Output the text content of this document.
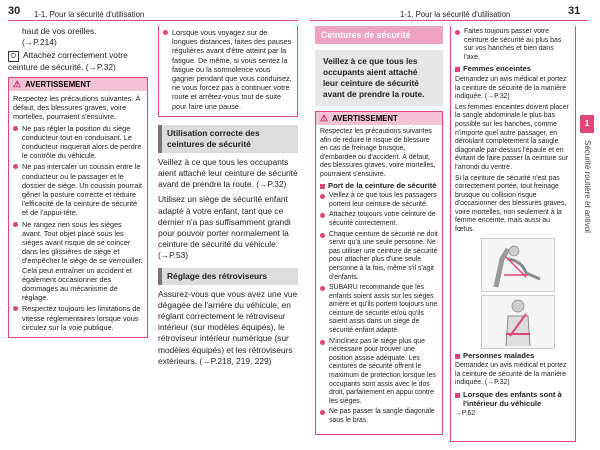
30 1-1. Pour la sécurité d'utilisation	1-1. Pour la sécurité d'utilisation	31
1
Sécurité routière et antivol

haut de vos oreilles.

(→P.214)

D Attachez correctement votre ceinture de sécurité. (→P.32)

⚠ AVERTISSEMENT

Respectez les précautions suivantes. À défaut, des blessures graves, voire mortelles, pourraient s'ensuivre.

Ne pas régler la position du siège conducteur tout en conduisant. Le conducteur risquerait alors de perdre le contrôle du véhicule.

Ne pas intercaler un coussin entre le conducteur ou le passager et le dossier de siège. Un coussin pourrait gêner la posture correcte et réduire l'efficacité de la ceinture de sécurité et de l'appui-tête.

Ne rangez rien sous les sièges avant. Tout objet placé sous les sièges avant risque de se coincer dans les glissières de siège et d'empêcher le siège de se verrouiller. Cela peut entraîner un accident et également occasionner des dommages au mécanisme de réglage.

Respectez toujours les limitations de vitesse réglementaires lorsque vous circulez sur la voie publique.

Lorsque vous voyagez sur de longues distances, faites des pauses régulières avant d'être atteint par la fatigue. De même, si vous sentez la fatigue ou la somnolence vous gagner pendant que vous conduisez, ne vous forcez pas à continuer votre route et arrêtez-vous tout de suite pour faire une pause.

Utilisation correcte des ceintures de sécurité

Veillez à ce que tous les occupants aient attaché leur ceinture de sécurité avant de prendre la route. (→P.32)

Utilisez un siège de sécurité enfant adapté à votre enfant, tant que ce dernier n'a pas suffisamment grandi pour pouvoir porter normalement la ceinture de sécurité du véhicule. (→P.53)

Réglage des rétroviseurs

Assurez-vous que vous avez une vue dégagée de l'arrière du véhicule, en réglant correctement le rétroviseur intérieur (sur modèles équipés), le rétroviseur intérieur numérique (sur modèles équipés) et les rétroviseurs extérieurs. (→P.218, 219, 229)

Ceintures de sécurité
Veillez à ce que tous les occupants aient attaché leur ceinture de sécurité avant de prendre la route.
⚠ AVERTISSEMENT

Respectez les précautions suivantes afin de réduire le risque de blessure en cas de freinage brusque, d'embardée ou d'accident. À défaut, des blessures graves, voire mortelles, pourraient s'ensuivre.

Port de la ceinture de sécurité

Veillez à ce que tous les passagers portent leur ceinture de sécurité.

Attachez toujours votre ceinture de sécurité correctement.

Chaque ceinture de sécurité ne doit servir qu'à une seule personne. Ne pas utiliser une ceinture de sécurité pour attacher plus d'une seule personne à la fois, même s'il s'agit d'enfants.

SUBARU recommande que les enfants soient assis sur les sièges arrière et qu'ils portent toujours une ceinture de sécurité et/ou qu'ils soient assis dans un siège de sécurité enfant adapté.

N'inclinez pas le siège plus que nécessaire pour trouver une position assise adéquate. Les ceintures de sécurité offrent le maximum de protection lorsque les occupants sont assis avec le dos droit, parfaitement en appui contre les sièges.

Ne pas passer la sangle diagonale sous le bras.

Faites toujours passer votre ceinture de sécurité au plus bas sur vos hanches et bien dans l'axe.

Femmes enceintes

Demandez un avis médical et portez la ceinture de sécurité de la manière indiquée. (→P.32)

Les femmes enceintes doivent placer la sangle abdominale le plus bas possible sur les hanches, comme n'importe quel autre passager, en déroulant complètement la sangle diagonale par-dessus l'épaule et en évitant de faire passer la ceinture sur l'arrondi du ventre.

Si la ceinture de sécurité n'est pas correctement portée, tout freinage brusque ou collision risque d'occasionner des blessures graves, voire mortelles, non seulement à la femme enceinte, mais aussi au fœtus.

Personnes malades

Demandez un avis médical et portez la ceinture de sécurité de la manière indiquée. (→P.32)

Lorsque des enfants sont à l'intérieur du véhicule

→P.62
